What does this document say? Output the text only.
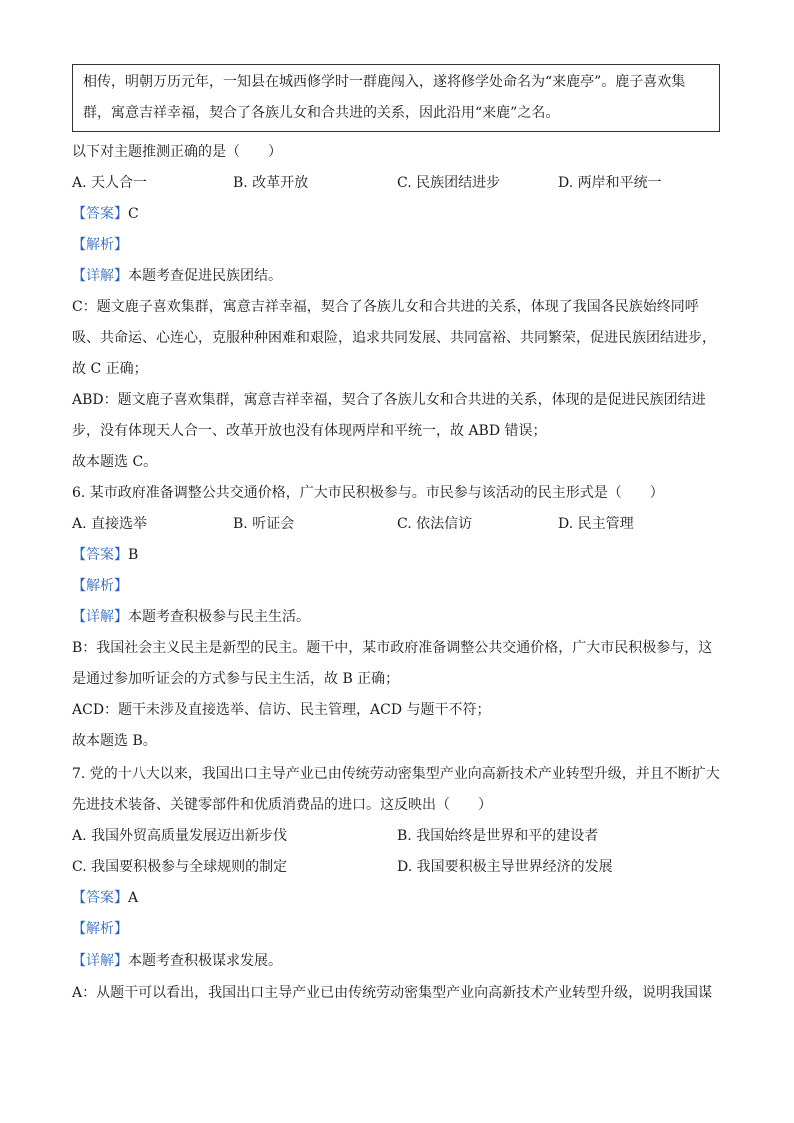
相传，明朝万历元年，一知县在城西修学时一群鹿闯入，遂将修学处命名为“来鹿亭”。鹿子喜欢集
群，寓意吉祥幸福，契合了各族儿女和合共进的关系，因此沿用“来鹿”之名。
以下对主题推测正确的是（　　）
A. 天人合一	B. 改革开放	C. 民族团结进步	D. 两岸和平统一
【答案】C
【解析】
【详解】本题考查促进民族团结。
C：题文鹿子喜欢集群，寓意吉祥幸福，契合了各族儿女和合共进的关系，体现了我国各民族始终同呼
吸、共命运、心连心，克服种种困难和艰险，追求共同发展、共同富裕、共同繁荣，促进民族团结进步，
故 C 正确；
ABD：题文鹿子喜欢集群，寓意吉祥幸福，契合了各族儿女和合共进的关系，体现的是促进民族团结进
步，没有体现天人合一、改革开放也没有体现两岸和平统一，故 ABD 错误；
故本题选 C。
6. 某市政府准备调整公共交通价格，广大市民积极参与。市民参与该活动的民主形式是（　　）
A. 直接选举	B. 听证会	C. 依法信访	D. 民主管理
【答案】B
【解析】
【详解】本题考查积极参与民主生活。
B：我国社会主义民主是新型的民主。题干中，某市政府准备调整公共交通价格，广大市民积极参与，这
是通过参加听证会的方式参与民主生活，故 B 正确；
ACD：题干未涉及直接选举、信访、民主管理，ACD 与题干不符；
故本题选 B。
7. 党的十八大以来，我国出口主导产业已由传统劳动密集型产业向高新技术产业转型升级，并且不断扩大
先进技术装备、关键零部件和优质消费品的进口。这反映出（　　）
A. 我国外贸高质量发展迈出新步伐	B. 我国始终是世界和平的建设者
C. 我国要积极参与全球规则的制定	D. 我国要积极主导世界经济的发展
【答案】A
【解析】
【详解】本题考查积极谋求发展。
A：从题干可以看出，我国出口主导产业已由传统劳动密集型产业向高新技术产业转型升级，说明我国谋
